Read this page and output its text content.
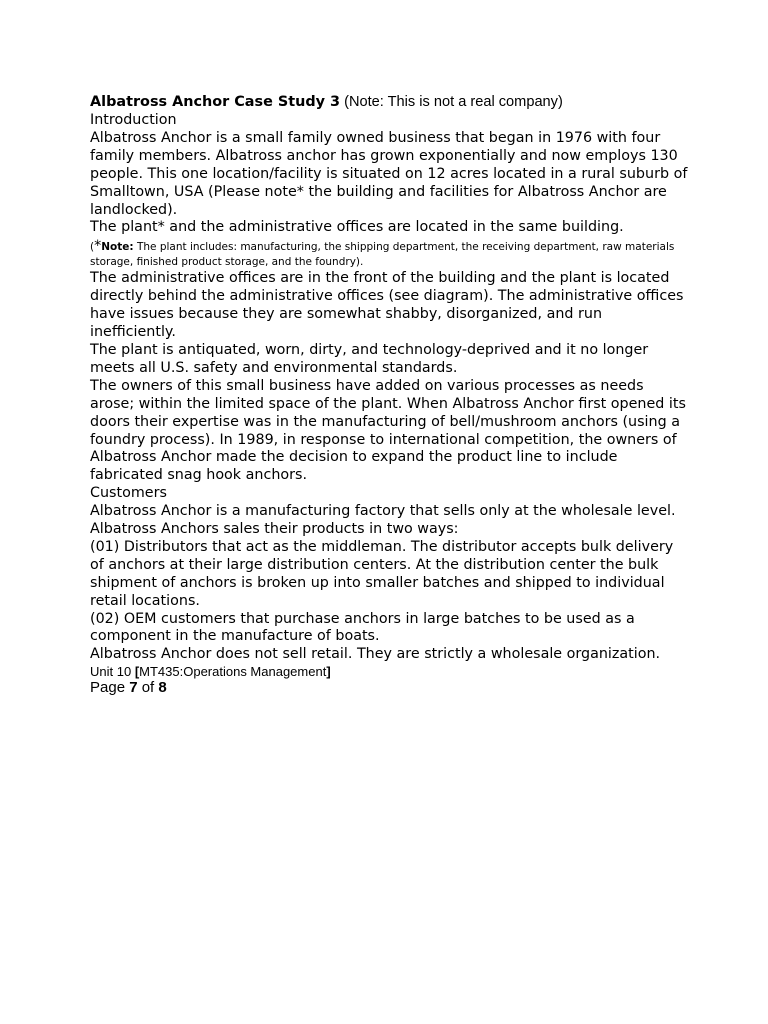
Albatross Anchor Case Study 3 (Note: This is not a real company)

Introduction

Albatross Anchor is a small family owned business that began in 1976 with four family members. Albatross anchor has grown exponentially and now employs 130 people. This one location/facility is situated on 12 acres located in a rural suburb of Smalltown, USA (Please note* the building and facilities for Albatross Anchor are landlocked).

The plant* and the administrative offices are located in the same building.

(*Note: The plant includes: manufacturing, the shipping department, the receiving department, raw materials storage, finished product storage, and the foundry).

The administrative offices are in the front of the building and the plant is located directly behind the administrative offices (see diagram). The administrative offices have issues because they are somewhat shabby, disorganized, and run inefficiently.

The plant is antiquated, worn, dirty, and technology-deprived and it no longer meets all U.S. safety and environmental standards.

The owners of this small business have added on various processes as needs arose; within the limited space of the plant. When Albatross Anchor first opened its doors their expertise was in the manufacturing of bell/mushroom anchors (using a foundry process). In 1989, in response to international competition, the owners of Albatross Anchor made the decision to expand the product line to include fabricated snag hook anchors.

Customers

Albatross Anchor is a manufacturing factory that sells only at the wholesale level.

Albatross Anchors sales their products in two ways:

(01) Distributors that act as the middleman. The distributor accepts bulk delivery of anchors at their large distribution centers. At the distribution center the bulk shipment of anchors is broken up into smaller batches and shipped to individual retail locations.

(02) OEM customers that purchase anchors in large batches to be used as a component in the manufacture of boats.

Albatross Anchor does not sell retail. They are strictly a wholesale organization.

Unit 10 [MT435:Operations Management]

Page 7 of 8
